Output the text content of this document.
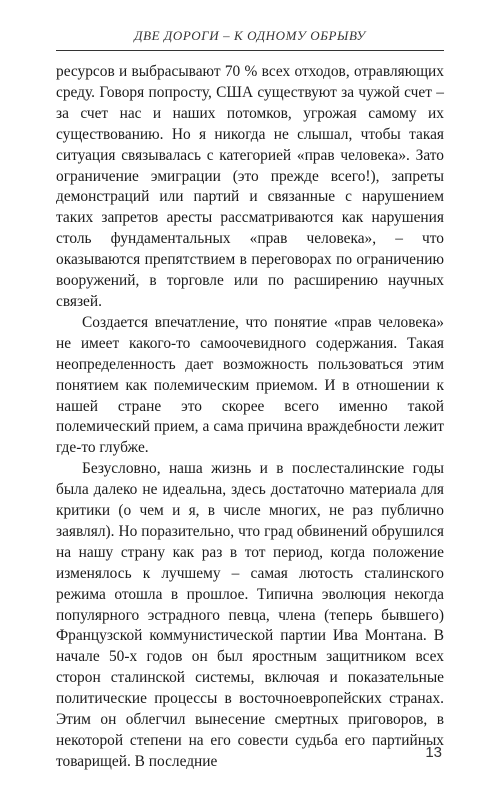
ДВЕ ДОРОГИ – К ОДНОМУ ОБРЫВУ

ресурсов и выбрасывают 70 % всех отходов, отравляющих среду. Говоря попросту, США существуют за чужой счет – за счет нас и наших потомков, угрожая самому их существованию. Но я никогда не слышал, чтобы такая ситуация связывалась с категорией «прав человека». Зато ограничение эмиграции (это прежде всего!), запреты демонстраций или партий и связанные с нарушением таких запретов аресты рассматриваются как нарушения столь фундаментальных «прав человека», – что оказываются препятствием в переговорах по ограничению вооружений, в торговле или по расширению научных связей.

Создается впечатление, что понятие «прав человека» не имеет какого-то самоочевидного содержания. Такая неопределенность дает возможность пользоваться этим понятием как полемическим приемом. И в отношении к нашей стране это скорее всего именно такой полемический прием, а сама причина враждебности лежит где-то глубже.

Безусловно, наша жизнь и в послесталинские годы была далеко не идеальна, здесь достаточно материала для критики (о чем и я, в числе многих, не раз публично заявлял). Но поразительно, что град обвинений обрушился на нашу страну как раз в тот период, когда положение изменялось к лучшему – самая лютость сталинского режима отошла в прошлое. Типична эволюция некогда популярного эстрадного певца, члена (теперь бывшего) Французской коммунистической партии Ива Монтана. В начале 50-х годов он был яростным защитником всех сторон сталинской системы, включая и показательные политические процессы в восточноевропейских странах. Этим он облегчил вынесение смертных приговоров, в некоторой степени на его совести судьба его партийных товарищей. В последние

13
